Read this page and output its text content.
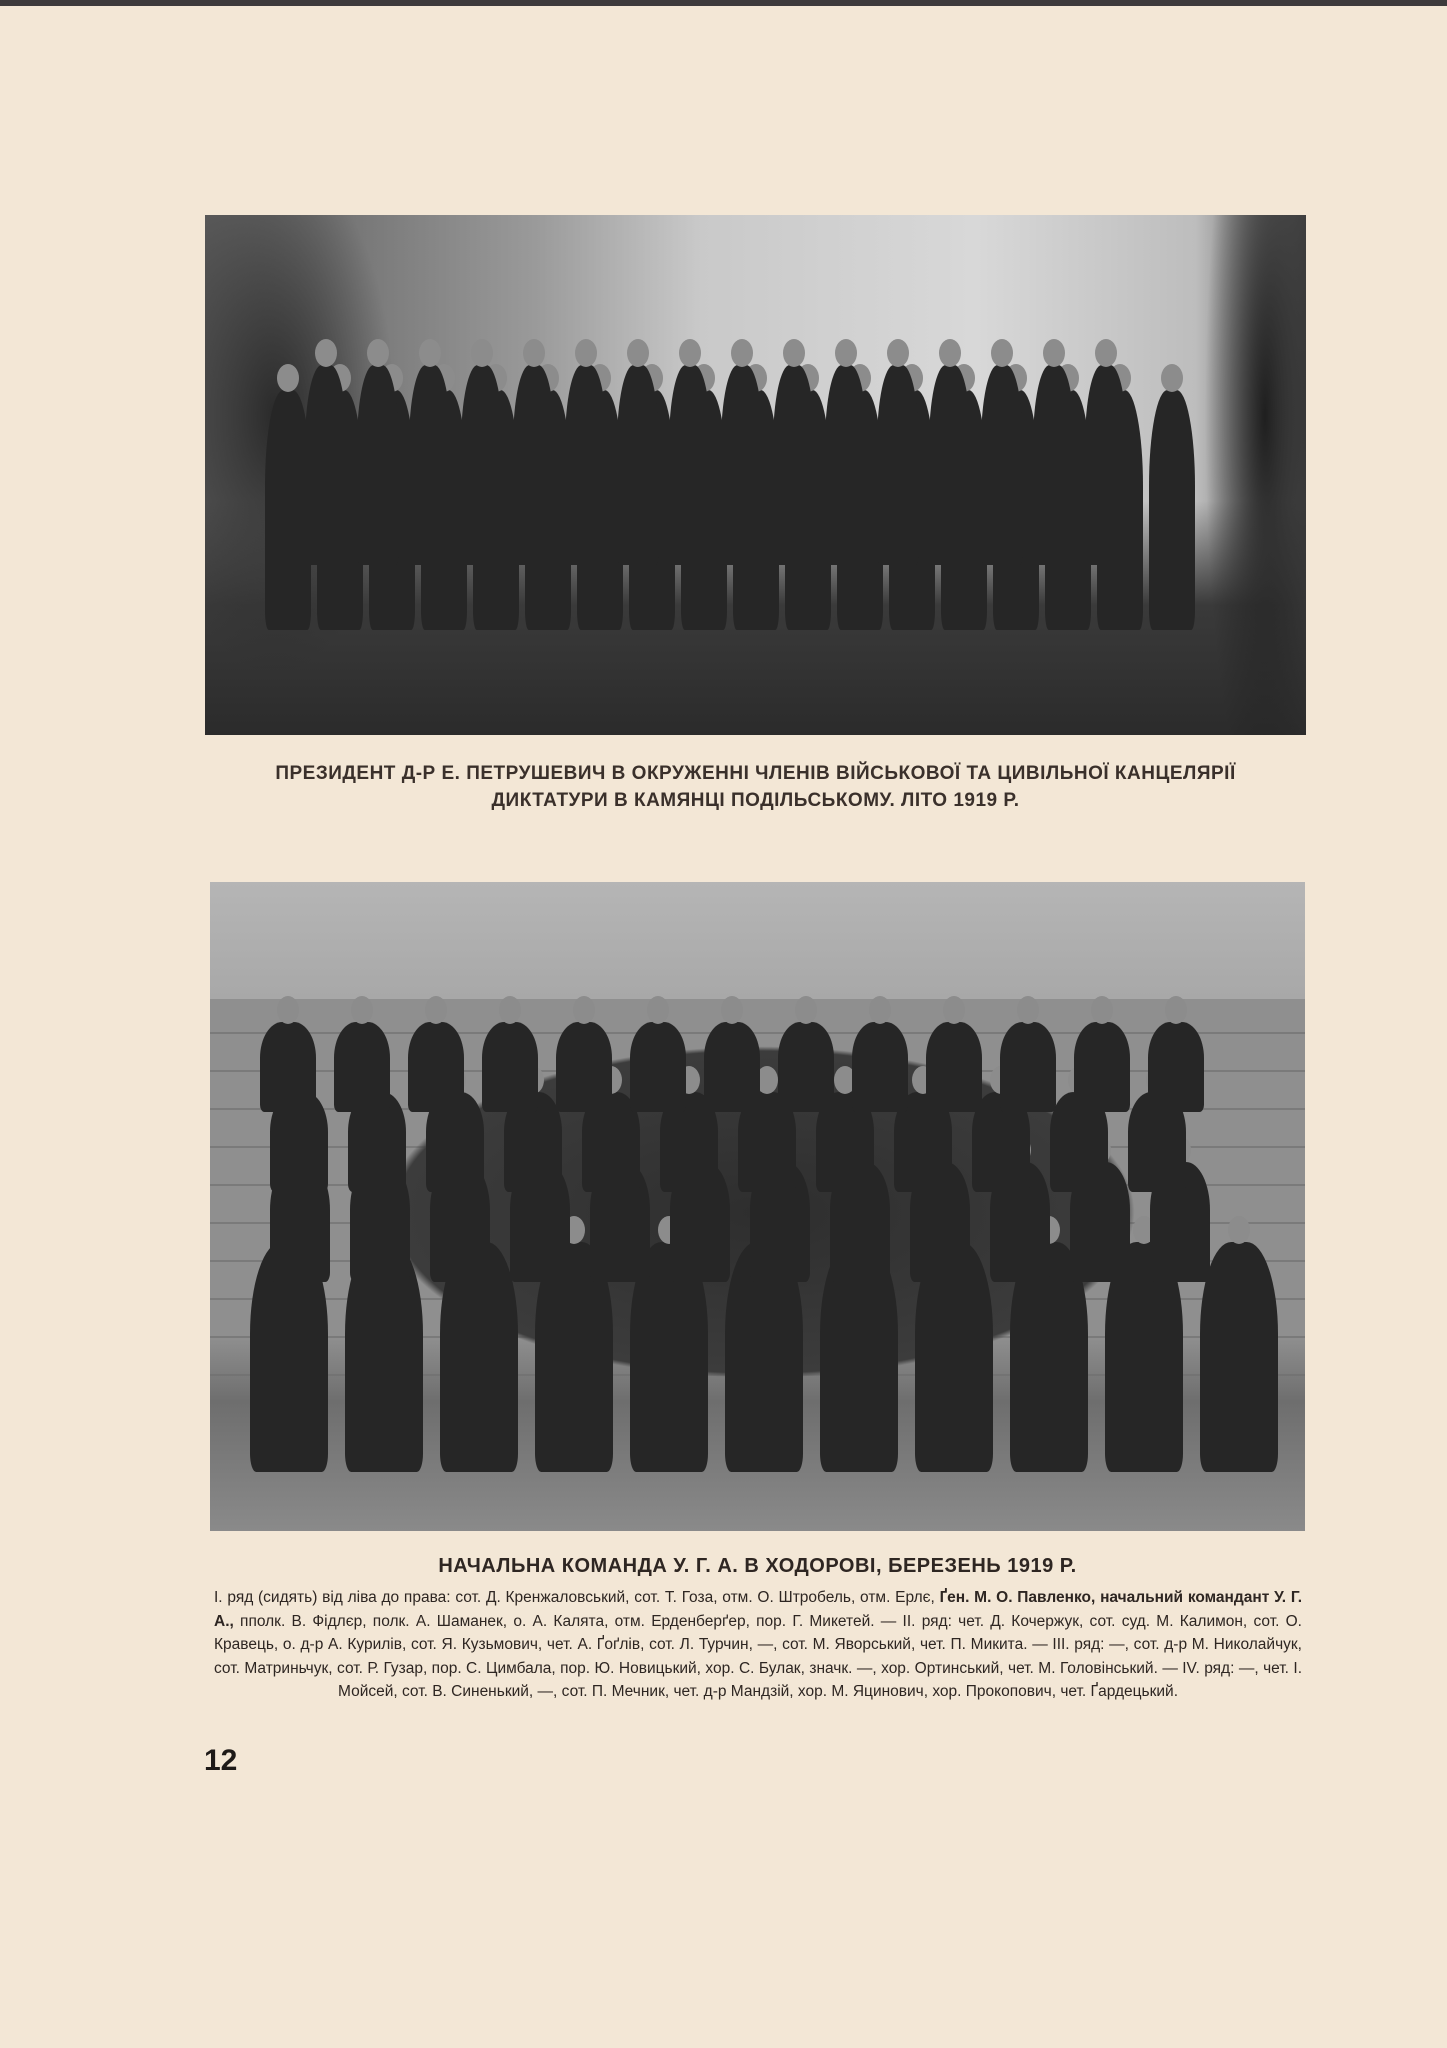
ПРЕЗИДЕНТ Д-Р Е. ПЕТРУШЕВИЧ В ОКРУЖЕННІ ЧЛЕНІВ ВІЙСЬКОВОЇ ТА ЦИВІЛЬНОЇ КАНЦЕЛЯРІЇ
ДИКТАТУРИ В КАМЯНЦІ ПОДІЛЬСЬКОМУ. ЛІТО 1919 Р.
НАЧАЛЬНА КОМАНДА У. Г. А. В ХОДОРОВІ, БЕРЕЗЕНЬ 1919 Р.
І. ряд (сидять) від ліва до права: сот. Д. Кренжаловський, сот. Т. Гоза, отм. О. Штробель, отм. Ерлє, Ґен. М. О. Павленко, начальний командант У. Г. А., пполк. В. Фідлєр, полк. А. Шаманек, о. А. Калята, отм. Ерденберґер, пор. Г. Микетей. — ІІ. ряд: чет. Д. Кочержук, сот. суд. М. Калимон, сот. О. Кравець, о. д-р А. Курилів, сот. Я. Кузьмович, чет. А. Ґоґлів, сот. Л. Турчин, —, сот. М. Яворський, чет. П. Микита. — ІІІ. ряд: —, сот. д-р М. Николайчук, сот. Матриньчук, сот. Р. Гузар, пор. С. Цимбала, пор. Ю. Новицький, хор. С. Булак, значк. —, хор. Ортинський, чет. М. Головінський. — IV. ряд: —, чет. І. Мойсей, сот. В. Синенький, —, сот. П. Мечник, чет. д-р Мандзій, хор. М. Яцинович, хор. Прокопович, чет. Ґардецький.
12
